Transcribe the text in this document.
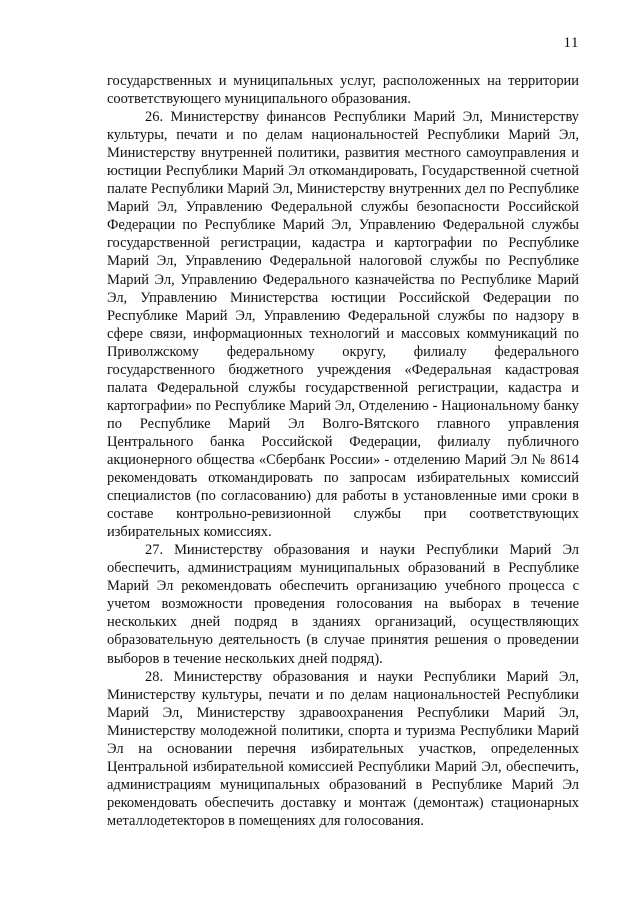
11

государственных и муниципальных услуг, расположенных на территории соответствующего муниципального образования.

26. Министерству финансов Республики Марий Эл, Министерству культуры, печати и по делам национальностей Республики Марий Эл, Министерству внутренней политики, развития местного самоуправления и юстиции Республики Марий Эл откомандировать, Государственной счетной палате Республики Марий Эл, Министерству внутренних дел по Республике Марий Эл, Управлению Федеральной службы безопасности Российской Федерации по Республике Марий Эл, Управлению Федеральной службы государственной регистрации, кадастра и картографии по Республике Марий Эл, Управлению Федеральной налоговой службы по Республике Марий Эл, Управлению Федерального казначейства по Республике Марий Эл, Управлению Министерства юстиции Российской Федерации по Республике Марий Эл, Управлению Федеральной службы по надзору в сфере связи, информационных технологий и массовых коммуникаций по Приволжскому федеральному округу, филиалу федерального государственного бюджетного учреждения «Федеральная кадастровая палата Федеральной службы государственной регистрации, кадастра и картографии» по Республике Марий Эл, Отделению - Национальному банку по Республике Марий Эл Волго-Вятского главного управления Центрального банка Российской Федерации, филиалу публичного акционерного общества «Сбербанк России» - отделению Марий Эл № 8614 рекомендовать откомандировать по запросам избирательных комиссий специалистов (по согласованию) для работы в установленные ими сроки в составе контрольно-ревизионной службы при соответствующих избирательных комиссиях.

27. Министерству образования и науки Республики Марий Эл обеспечить, администрациям муниципальных образований в Республике Марий Эл рекомендовать обеспечить организацию учебного процесса с учетом возможности проведения голосования на выборах в течение нескольких дней подряд в зданиях организаций, осуществляющих образовательную деятельность (в случае принятия решения о проведении выборов в течение нескольких дней подряд).

28. Министерству образования и науки Республики Марий Эл, Министерству культуры, печати и по делам национальностей Республики Марий Эл, Министерству здравоохранения Республики Марий Эл, Министерству молодежной политики, спорта и туризма Республики Марий Эл на основании перечня избирательных участков, определенных Центральной избирательной комиссией Республики Марий Эл, обеспечить, администрациям муниципальных образований в Республике Марий Эл рекомендовать обеспечить доставку и монтаж (демонтаж) стационарных металлодетекторов в помещениях для голосования.
